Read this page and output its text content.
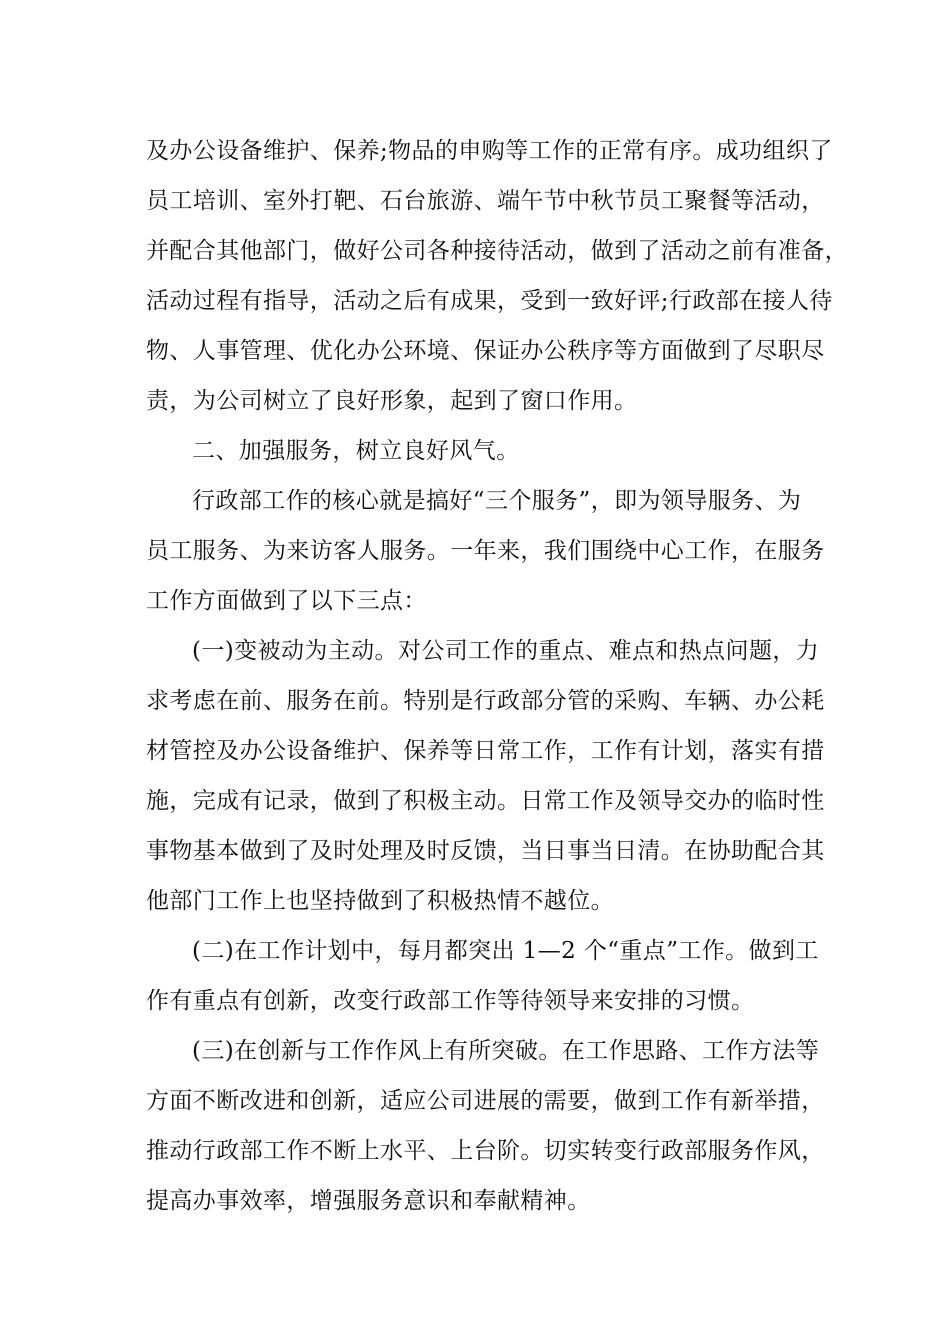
及办公设备维护、保养;物品的申购等工作的正常有序。成功组织了
员工培训、室外打靶、石台旅游、端午节中秋节员工聚餐等活动，
并配合其他部门，做好公司各种接待活动，做到了活动之前有准备，
活动过程有指导，活动之后有成果，受到一致好评;行政部在接人待
物、人事管理、优化办公环境、保证办公秩序等方面做到了尽职尽
责，为公司树立了良好形象，起到了窗口作用。
二、加强服务，树立良好风气。
行政部工作的核心就是搞好“三个服务”，即为领导服务、为
员工服务、为来访客人服务。一年来，我们围绕中心工作，在服务
工作方面做到了以下三点：
(一)变被动为主动。对公司工作的重点、难点和热点问题，力
求考虑在前、服务在前。特别是行政部分管的采购、车辆、办公耗
材管控及办公设备维护、保养等日常工作，工作有计划，落实有措
施，完成有记录，做到了积极主动。日常工作及领导交办的临时性
事物基本做到了及时处理及时反馈，当日事当日清。在协助配合其
他部门工作上也坚持做到了积极热情不越位。
(二)在工作计划中，每月都突出 1—2 个“重点”工作。做到工
作有重点有创新，改变行政部工作等待领导来安排的习惯。
(三)在创新与工作作风上有所突破。在工作思路、工作方法等
方面不断改进和创新，适应公司进展的需要，做到工作有新举措，
推动行政部工作不断上水平、上台阶。切实转变行政部服务作风，
提高办事效率，增强服务意识和奉献精神。
